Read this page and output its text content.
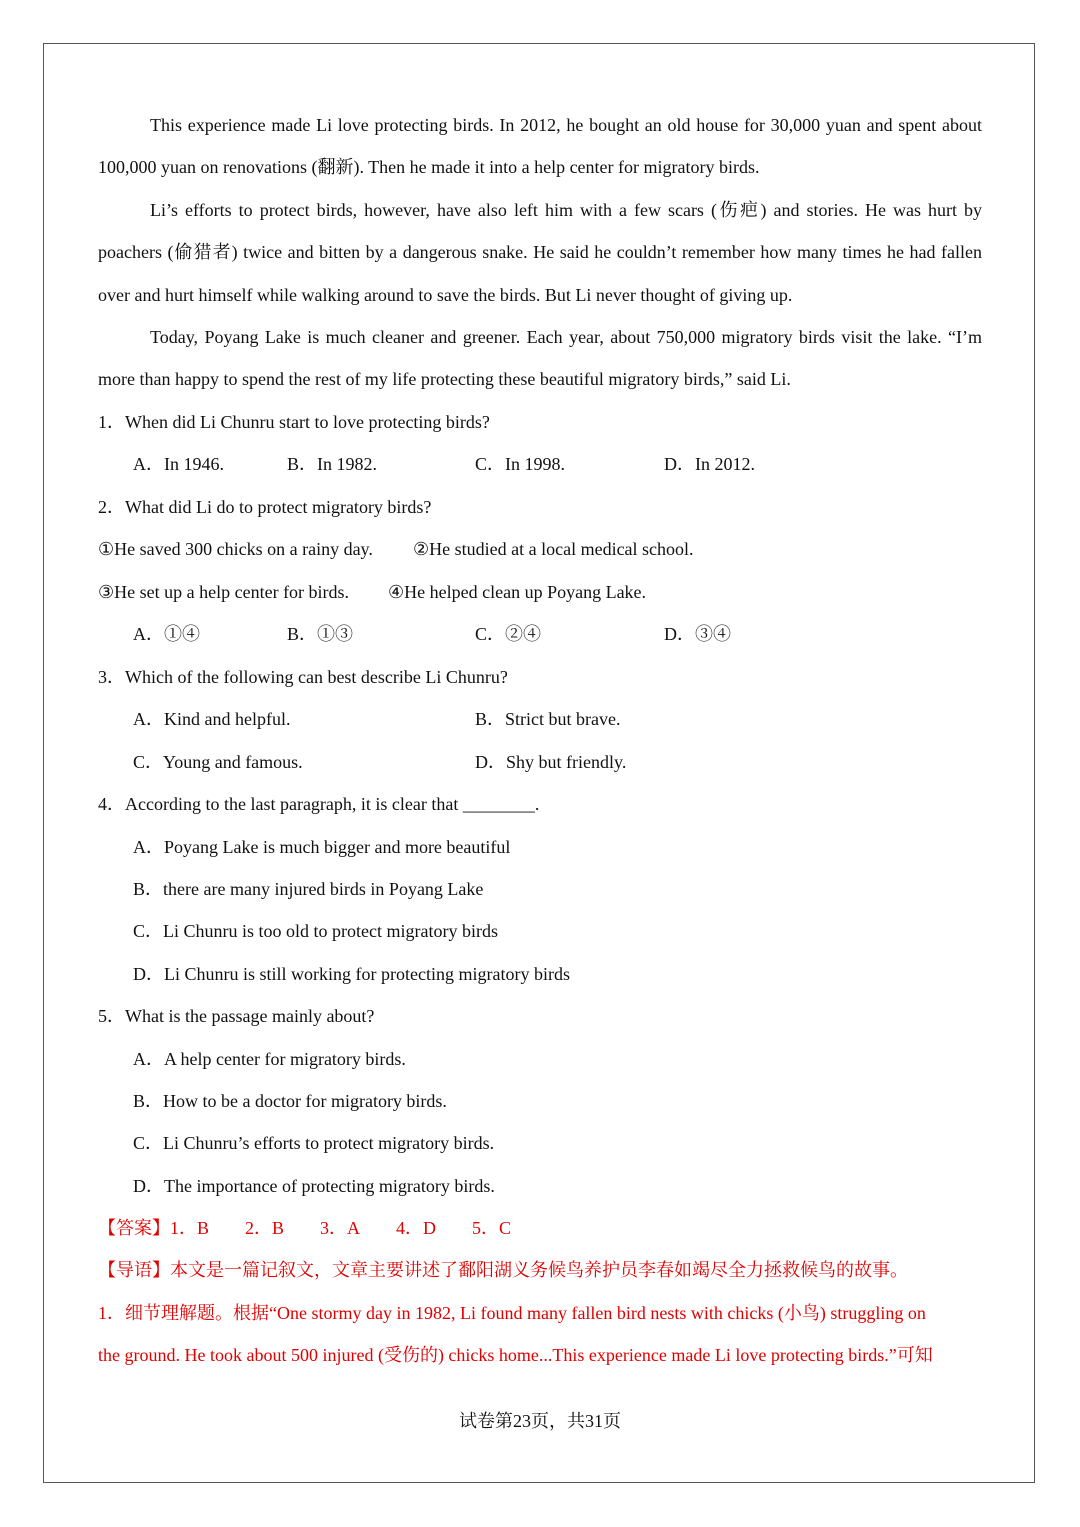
This experience made Li love protecting birds. In 2012, he bought an old house for 30,000 yuan and spent about 100,000 yuan on renovations (翻新). Then he made it into a help center for migratory birds.
Li’s efforts to protect birds, however, have also left him with a few scars (伤疤) and stories. He was hurt by poachers (偷猎者) twice and bitten by a dangerous snake. He said he couldn’t remember how many times he had fallen over and hurt himself while walking around to save the birds. But Li never thought of giving up.
Today, Poyang Lake is much cleaner and greener. Each year, about 750,000 migratory birds visit the lake. “I’m more than happy to spend the rest of my life protecting these beautiful migratory birds,” said Li.
1．When did Li Chunru start to love protecting birds?
A．In 1946.	B．In 1982.	C．In 1998.	D．In 2012.
2．What did Li do to protect migratory birds?
①He saved 300 chicks on a rainy day. ②He studied at a local medical school.
③He set up a help center for birds. ④He helped clean up Poyang Lake.
A．①④	B．①③	C．②④	D．③④
3．Which of the following can best describe Li Chunru?
A．Kind and helpful.	B．Strict but brave.
C．Young and famous.	D．Shy but friendly.
4．According to the last paragraph, it is clear that ________.
A．Poyang Lake is much bigger and more beautiful
B．there are many injured birds in Poyang Lake
C．Li Chunru is too old to protect migratory birds
D．Li Chunru is still working for protecting migratory birds
5．What is the passage mainly about?
A．A help center for migratory birds.
B．How to be a doctor for migratory birds.
C．Li Chunru’s efforts to protect migratory birds.
D．The importance of protecting migratory birds.
【答案】1．B 2．B 3．A 4．D 5．C
【导语】本文是一篇记叙文，文章主要讲述了鄱阳湖义务候鸟养护员李春如竭尽全力拯救候鸟的故事。
1．细节理解题。根据“One stormy day in 1982, Li found many fallen bird nests with chicks (小鸟) struggling on
the ground. He took about 500 injured (受伤的) chicks home...This experience made Li love protecting birds.”可知
试卷第23页，共31页
